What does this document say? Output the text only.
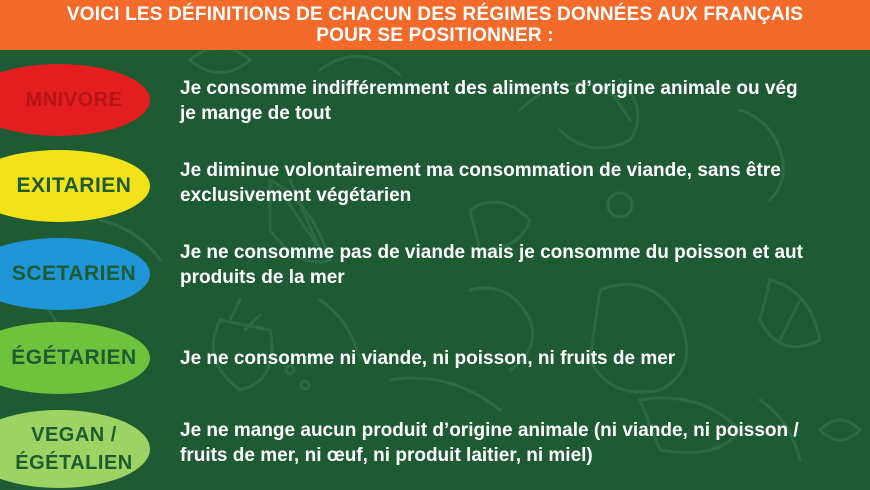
VOICI LES DÉFINITIONS DE CHACUN DES RÉGIMES DONNÉES AUX FRANÇAIS
POUR SE POSITIONNER :
MNIVORE	Je consomme indifféremment des aliments d’origine animale ou vég
je mange de tout
EXITARIEN
Je diminue volontairement ma consommation de viande, sans être
exclusivement végétarien
SCETARIEN
Je ne consomme pas de viande mais je consomme du poisson et aut
produits de la mer
ÉGÉTARIEN Je ne consomme ni viande, ni poisson, ni fruits de mer
VEGAN /
ÉGÉTALIEN
Je ne mange aucun produit d’origine animale (ni viande, ni poisson /
fruits de mer, ni œuf, ni produit laitier, ni miel)
